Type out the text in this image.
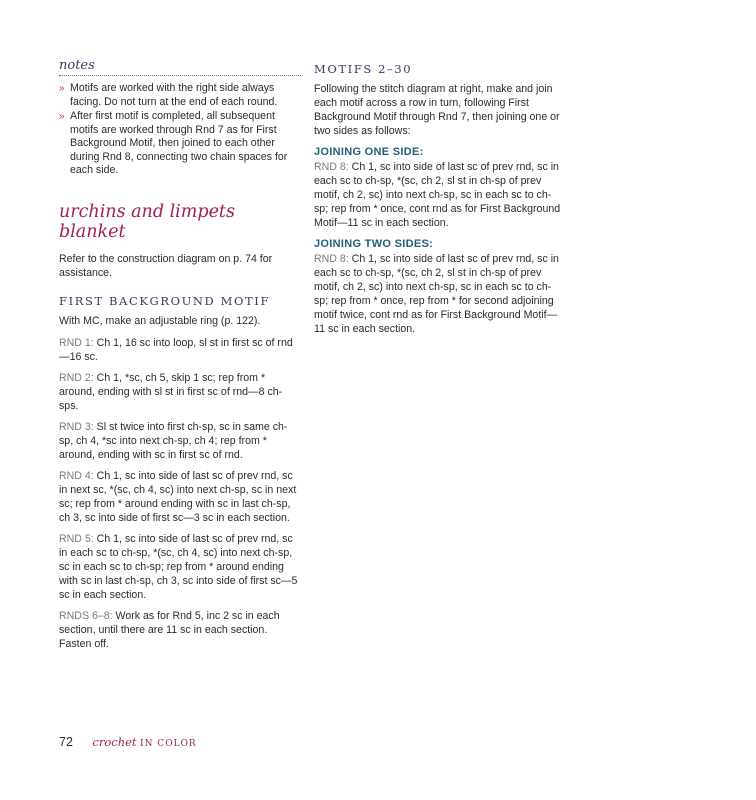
notes
» Motifs are worked with the right side always facing. Do not turn at the end of each round.
» After first motif is completed, all subsequent motifs are worked through Rnd 7 as for First Background Motif, then joined to each other during Rnd 8, connecting two chain spaces for each side.
urchins and limpets blanket

Refer to the construction diagram on p. 74 for assistance.

FIRST BACKGROUND MOTIF

With MC, make an adjustable ring (p. 122).

RND 1: Ch 1, 16 sc into loop, sl st in first sc of rnd—16 sc.

RND 2: Ch 1, *sc, ch 5, skip 1 sc; rep from * around, ending with sl st in first sc of rnd—8 ch-sps.

RND 3: Sl st twice into first ch-sp, sc in same ch-sp, ch 4, *sc into next ch-sp, ch 4; rep from * around, ending with sc in first sc of rnd.

RND 4: Ch 1, sc into side of last sc of prev rnd, sc in next sc, *(sc, ch 4, sc) into next ch-sp, sc in next sc; rep from * around ending with sc in last ch-sp, ch 3, sc into side of first sc—3 sc in each section.

RND 5: Ch 1, sc into side of last sc of prev rnd, sc in each sc to ch-sp, *(sc, ch 4, sc) into next ch-sp, sc in each sc to ch-sp; rep from * around ending with sc in last ch-sp, ch 3, sc into side of first sc—5 sc in each section.

RNDS 6–8: Work as for Rnd 5, inc 2 sc in each section, until there are 11 sc in each section. Fasten off.

MOTIFS 2–30

Following the stitch diagram at right, make and join each motif across a row in turn, following First Background Motif through Rnd 7, then joining one or two sides as follows:

JOINING ONE SIDE:

RND 8: Ch 1, sc into side of last sc of prev rnd, sc in each sc to ch-sp, *(sc, ch 2, sl st in ch-sp of prev motif, ch 2, sc) into next ch-sp, sc in each sc to ch-sp; rep from * once, cont rnd as for First Background Motif—11 sc in each section.

JOINING TWO SIDES:

RND 8: Ch 1, sc into side of last sc of prev rnd, sc in each sc to ch-sp, *(sc, ch 2, sl st in ch-sp of prev motif, ch 2, sc) into next ch-sp, sc in each sc to ch-sp; rep from * once, rep from * for second adjoining motif twice, cont rnd as for First Background Motif—11 sc in each section.

72 crochet IN COLOR
